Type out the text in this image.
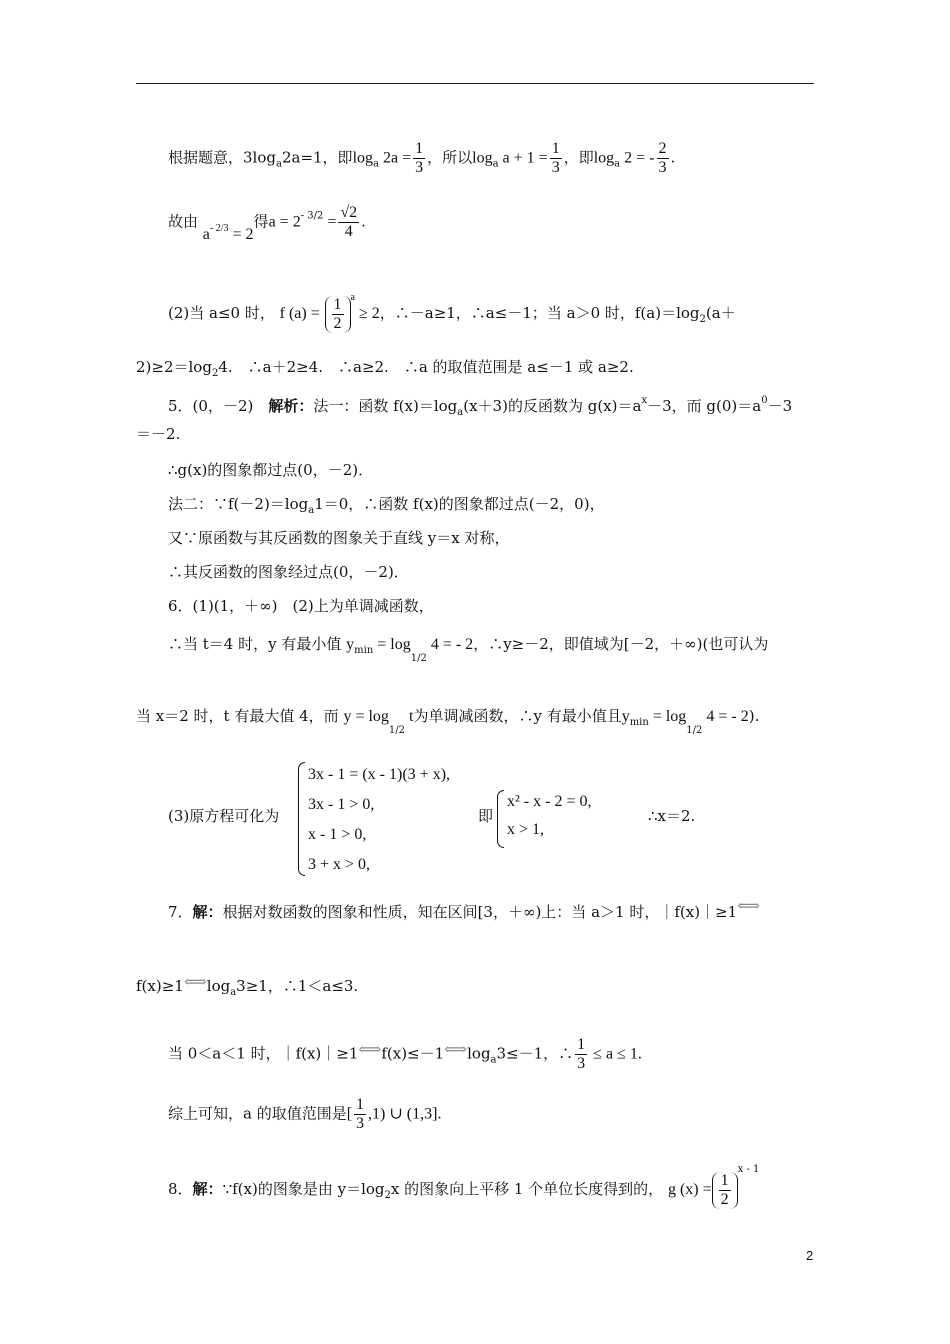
根据题意，$3\log_a2a=1$，即$\log_a 2a = \frac{1}{3}$ ，所以$\log_a a + 1 = \frac{1}{3}$ ，即$\log_a 2$ = - $\frac{2}{3}$ .
故由 $a^{- 2/3} = 2$得$a = 2^{- 3/2} = \frac{√2}{4}$ .
(2)当 a≤0 时， f $(a) = \frac{1}{2} ^a \ge 2$，∴－a≥1，∴a≤－1；当 a＞0 时，$f(a)=\log_2(a+$
$2)\ge 2=\log_24$.　∴a＋2≥4.　∴a≥2.　∴a 的取值范围是 a≤－1 或 a≥2.
5．(0，－2)　解析：法一：函数 $f(x)=\log_a(x+3)$的反函数为 $g(x)=a^x-3$，而 $g(0)=a^0-3$
＝－2.
∴g(x)的图象都过点(0，－2)．
法二：$\because f(-2)=\log_a1=0$，∴函数 f(x)的图象都过点(－2，0)，
又∵原函数与其反函数的图象关于直线 y＝x 对称，
∴其反函数的图象经过点(0，－2)．
6．(1)(1，＋∞)　(2)上为单调减函数，
∴当 t＝4 时，y 有最小值 $y_{min} = \log_{1/2} 4$ = - 2，∴y≥－2，即值域为[－2，＋∞)(也可认为
当 x＝2 时，t 有最大值 4，而 $y = \log_{1/2} t$为单调减函数，∴y 有最小值且$y_{min} = \log_{1/2} 4$ = - 2).
(3)原方程可化为
3x - 1 = (x - 1)(3 + x),
3x - 1 > 0,
x - 1 > 0,
3 + x > 0,
即
x² - x - 2 = 0,
x > 1,
∴x＝2.
7．解：根据对数函数的图象和性质，知在区间[3，＋∞)上：当 a＞1 时，｜f(x)｜≥1⟺
$f(x)\ge 1⟺\log_a3\ge 1$，∴1＜a≤3.
当 0＜a＜1 时，$|f(x)|\ge 1⟺f(x)\le-1⟺\log_a3\le-1$，∴ $\frac{1}{3} \le a \le 1$.
综上可知，a 的取值范围是[ $\frac{1}{3} ,1$) ∪ (1,3].
8．解：∵f(x)的图象是由 $y=\log_2x$ 的图象向上平移 1 个单位长度得到的， g $(x) = \frac{1}{2}$
$^{x - 1}$
2
